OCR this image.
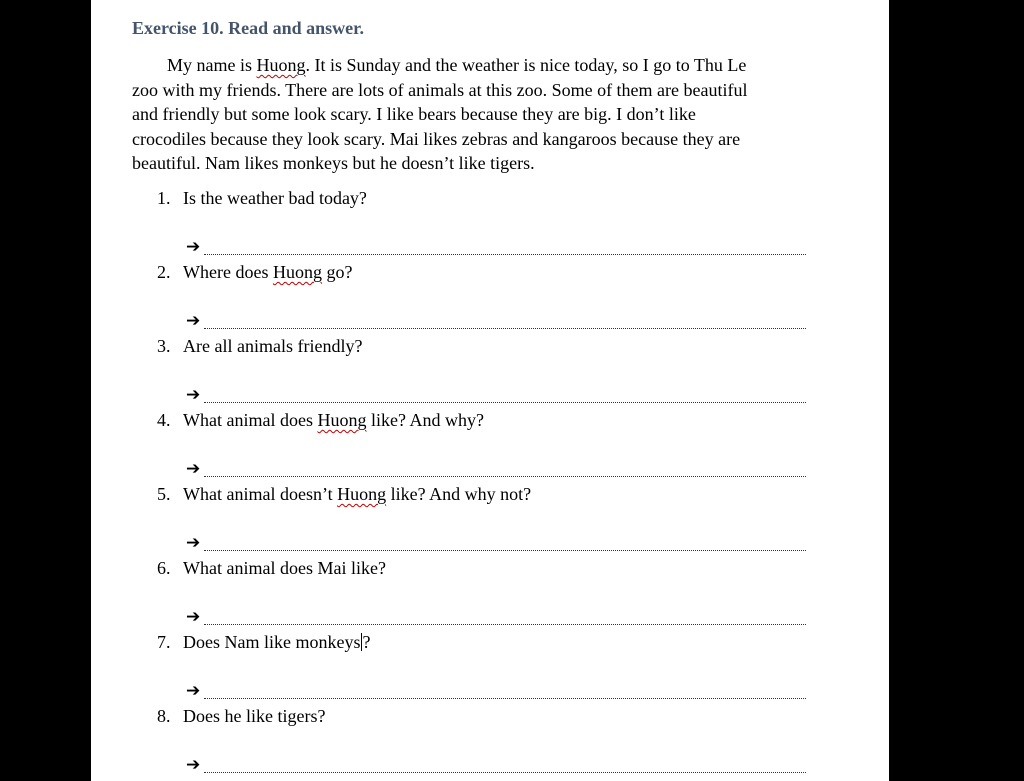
Exercise 10. Read and answer.
My name is Huong. It is Sunday and the weather is nice today, so I go to Thu Le
zoo with my friends. There are lots of animals at this zoo. Some of them are beautiful
and friendly but some look scary. I like bears because they are big. I don’t like
crocodiles because they look scary. Mai likes zebras and kangaroos because they are
beautiful. Nam likes monkeys but he doesn’t like tigers.
1. Is the weather bad today?
➔
2. Where does Huong go?
➔
3. Are all animals friendly?
➔
4. What animal does Huong like? And why?
➔
5. What animal doesn’t Huong like? And why not?
➔
6. What animal does Mai like?
➔
7. Does Nam like monkeys ?
➔
8. Does he like tigers?
➔
